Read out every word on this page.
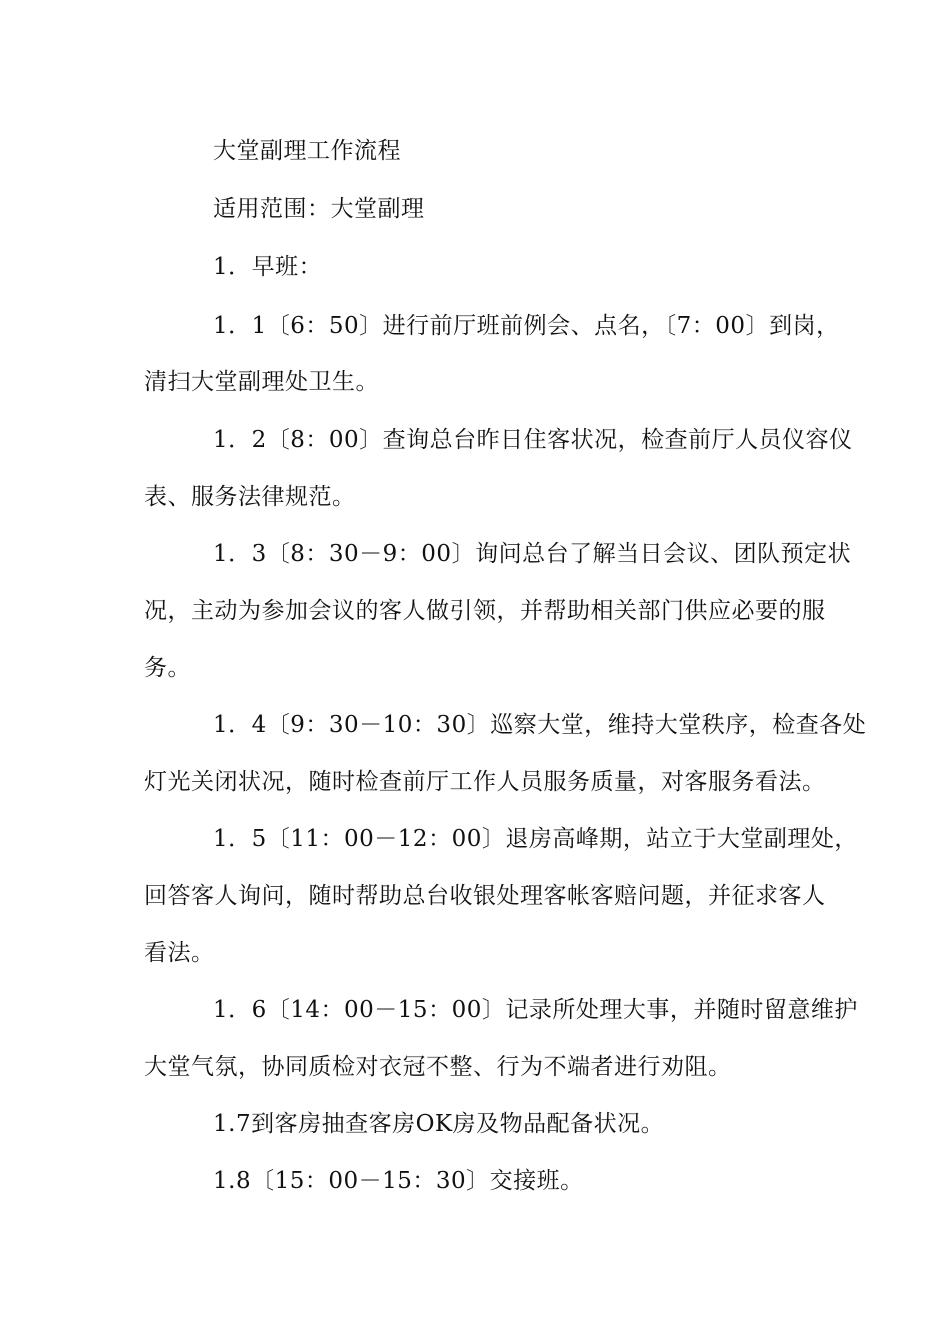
大堂副理工作流程
适用范围：大堂副理
1．早班：
1．1〔6：50〕进行前厅班前例会、点名，〔7：00〕到岗，
清扫大堂副理处卫生。
1．2〔8：00〕查询总台昨日住客状况，检查前厅人员仪容仪
表、服务法律规范。
1．3〔8：30－9：00〕询问总台了解当日会议、团队预定状
况，主动为参加会议的客人做引领，并帮助相关部门供应必要的服
务。
1．4〔9：30－10：30〕巡察大堂，维持大堂秩序，检查各处
灯光关闭状况，随时检查前厅工作人员服务质量，对客服务看法。
1．5〔11：00－12：00〕退房高峰期，站立于大堂副理处，
回答客人询问，随时帮助总台收银处理客帐客赔问题，并征求客人
看法。
1．6〔14：00－15：00〕记录所处理大事，并随时留意维护
大堂气氛，协同质检对衣冠不整、行为不端者进行劝阻。
1.7到客房抽查客房OK房及物品配备状况。
1.8〔15：00－15：30〕交接班。
